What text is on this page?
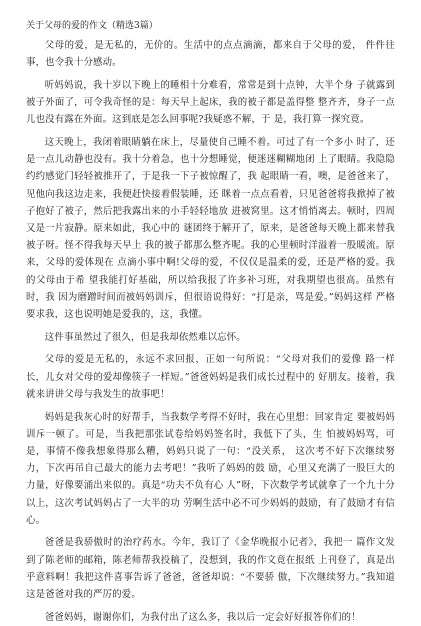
关于父母的爱的作文（精选3篇）

父母的爱，是无私的，无价的。生活中的点点滴滴，都来自于父母的爱， 件件往事，也令我十分感动。

听妈妈说，我十岁以下晚上的睡相十分难看，常常是到十点钟，大半个身 子就露到被子外面了，可令我奇怪的是：每天早上起床，我的被子都是盖得整 整齐齐，身子一点儿也没有露在外面。这到底是怎么回事呢?我疑惑不解，于 是，我打算一探究竟。

这天晚上，我闭着眼睛躺在床上，尽量使自己睡不着。可过了有一个多小 时了，还是一点儿动静也没有。我十分着急，也十分想睡觉，便迷迷糊糊地闭 上了眼睛。我隐隐约约感觉门轻轻被推开了，于是我一下子被惊醒了，我 起眼睛一看，噢，是爸爸来了，见他向我这边走来，我便赶快接着假装睡，还 眯着一点点看着，只见爸爸将我掀掉了被子抱好了被子，然后把我露出来的小手轻轻地放 进被窝里。这才悄悄离去。顿时，四周又是一片寂静。原来如此，我心中的 谜团终于解开了，原来，是爸爸每天晚上都来替我被子呀。怪不得我每天早上 我的被子都那么整齐呢。我的心里顿时洋溢着一股暖流。原来，父母的爱体现在 点滴小事中啊!父母的爱，不仅仅是温柔的爱，还是严格的爱。我的父母由于希 望我能打好基础，所以给我报了许多补习班，对我期望也很高。虽然有时，我 因为磨蹭时间而被妈妈训斥，但很语说得好：“打是亲，骂是爱。”妈妈这样 严格要求我，这也说明她是爱我的，这，我懂。

这件事虽然过了很久，但是我却依然难以忘怀。

父母的爱是无私的，永远不求回报，正如一句所说：“父母对我们的爱像 路一样长，儿女对父母的爱却像筷子一样短。”爸爸妈妈是我们成长过程中的 好朋友。接着，我就来讲讲父母与我发生的故事吧！

妈妈是我灰心时的好帮手，当我数学考得不好时，我在心里想：回家肯定 要被妈妈训斥一顿了。可是，当我把那张试卷给妈妈签名时，我低下了头，生 怕被妈妈骂，可是，事情不像我想象得那么糟，妈妈只说了一句：“没关系， 这次考不好下次继续努力，下次再吊自己最大的能力去考吧！”我听了妈妈的鼓 励，心里又充满了一股巨大的力量，好像要涌出来似的。真是“功夫不负有心 人”呀，下次数学考试就拿了一个九十分以上，这次考试妈妈占了一大半的功 劳啊生活中必不可少妈妈的鼓励，有了鼓励才有信心。

爸爸是我骄傲时的治疗药水。今年，我订了《金华晚报小记者》，我把一 篇作文发到了陈老师的邮箱，陈老师帮我投稿了，没想到，我的作文竟在报纸 上刊登了，真是出乎意料啊！我把这件喜事告诉了爸爸，爸爸却说：“不要骄 傲，下次继续努力。”我知道这是爸爸对我的严厉的爱。

爸爸妈妈，谢谢你们，为我付出了这么多，我以后一定会好好报答你们的！
